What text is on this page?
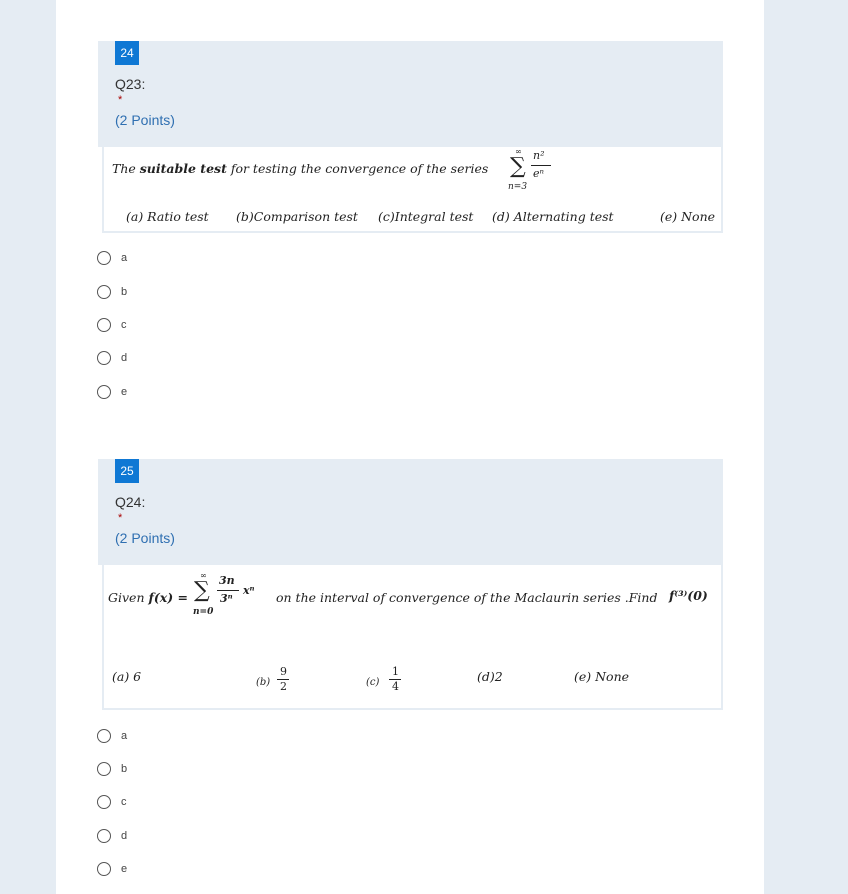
24
Q23:
*
(2 Points)
The suitable test for testing the convergence of the series
∞
∑
n=3
n²
eⁿ
(a) Ratio test (b)Comparison test (c)Integral test (d) Alternating test	(e) None
a
b
c
d
e
25
Q24:
*
(2 Points)
Given f(x) =
∞
∑
n=0
3n
3ⁿ
xⁿ on the interval of convergence of the Maclaurin series .Find f⁽³⁾(0)
(a) 6	(b)
9
2	(c)
1
4
(d)2	(e) None
a
b
c
d
e
